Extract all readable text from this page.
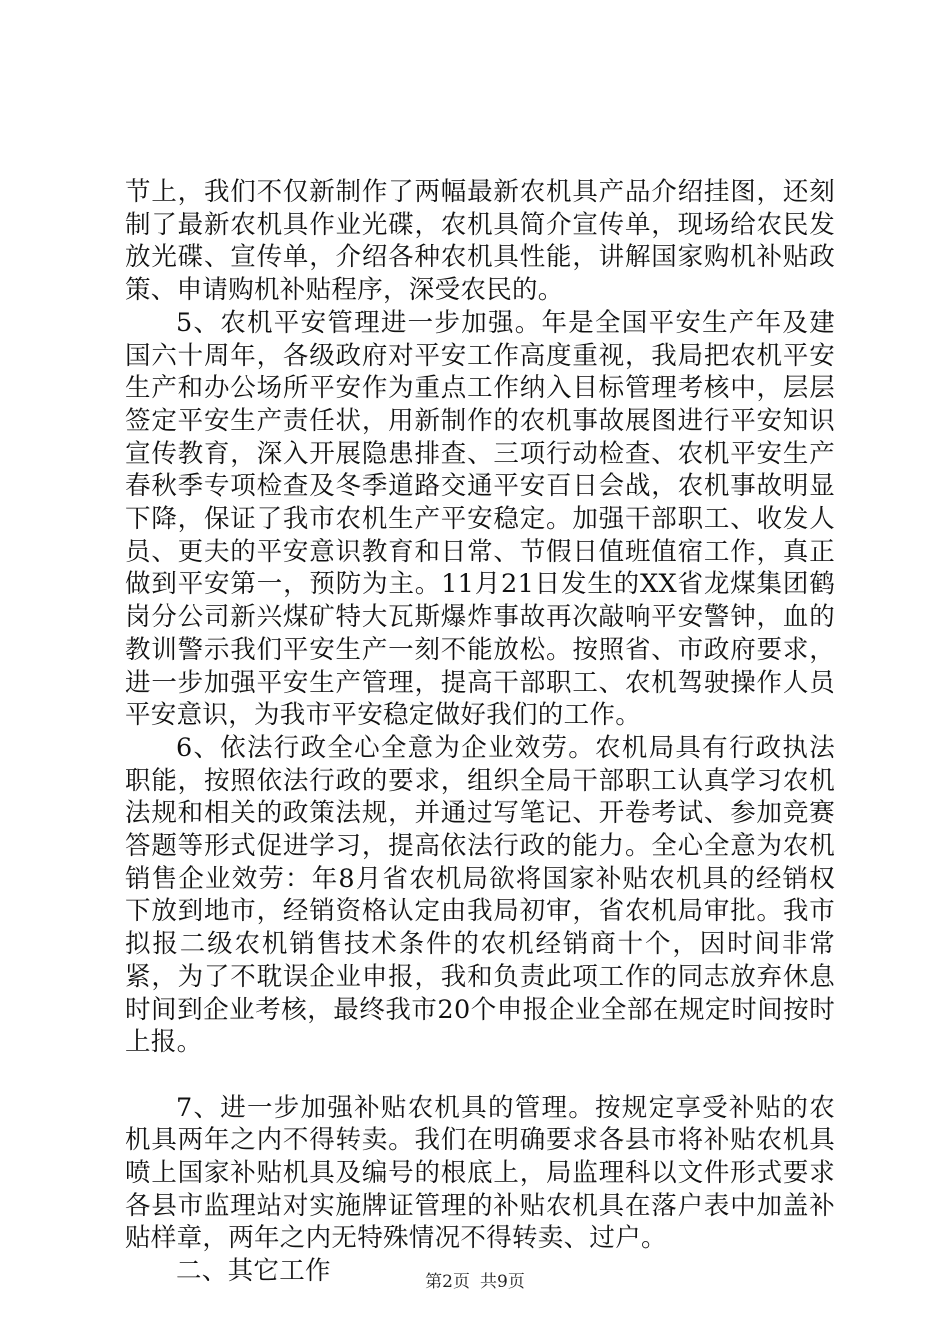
节上，我们不仅新制作了两幅最新农机具产品介绍挂图，还刻制了最新农机具作业光碟，农机具简介宣传单，现场给农民发放光碟、宣传单，介绍各种农机具性能，讲解国家购机补贴政策、申请购机补贴程序，深受农民的。

5、农机平安管理进一步加强。年是全国平安生产年及建国六十周年，各级政府对平安工作高度重视，我局把农机平安生产和办公场所平安作为重点工作纳入目标管理考核中，层层签定平安生产责任状，用新制作的农机事故展图进行平安知识宣传教育，深入开展隐患排查、三项行动检查、农机平安生产春秋季专项检查及冬季道路交通平安百日会战，农机事故明显下降，保证了我市农机生产平安稳定。加强干部职工、收发人员、更夫的平安意识教育和日常、节假日值班值宿工作，真正做到平安第一，预防为主。11月21日发生的XX省龙煤集团鹤岗分公司新兴煤矿特大瓦斯爆炸事故再次敲响平安警钟，血的教训警示我们平安生产一刻不能放松。按照省、市政府要求，进一步加强平安生产管理，提高干部职工、农机驾驶操作人员平安意识，为我市平安稳定做好我们的工作。

6、依法行政全心全意为企业效劳。农机局具有行政执法职能，按照依法行政的要求，组织全局干部职工认真学习农机法规和相关的政策法规，并通过写笔记、开卷考试、参加竞赛答题等形式促进学习，提高依法行政的能力。全心全意为农机销售企业效劳：年8月省农机局欲将国家补贴农机具的经销权下放到地市，经销资格认定由我局初审，省农机局审批。我市拟报二级农机销售技术条件的农机经销商十个，因时间非常紧，为了不耽误企业申报，我和负责此项工作的同志放弃休息时间到企业考核，最终我市20个申报企业全部在规定时间按时上报。

7、进一步加强补贴农机具的管理。按规定享受补贴的农机具两年之内不得转卖。我们在明确要求各县市将补贴农机具喷上国家补贴机具及编号的根底上，局监理科以文件形式要求各县市监理站对实施牌证管理的补贴农机具在落户表中加盖补贴样章，两年之内无特殊情况不得转卖、过户。

二、其它工作	第2页 共9页
